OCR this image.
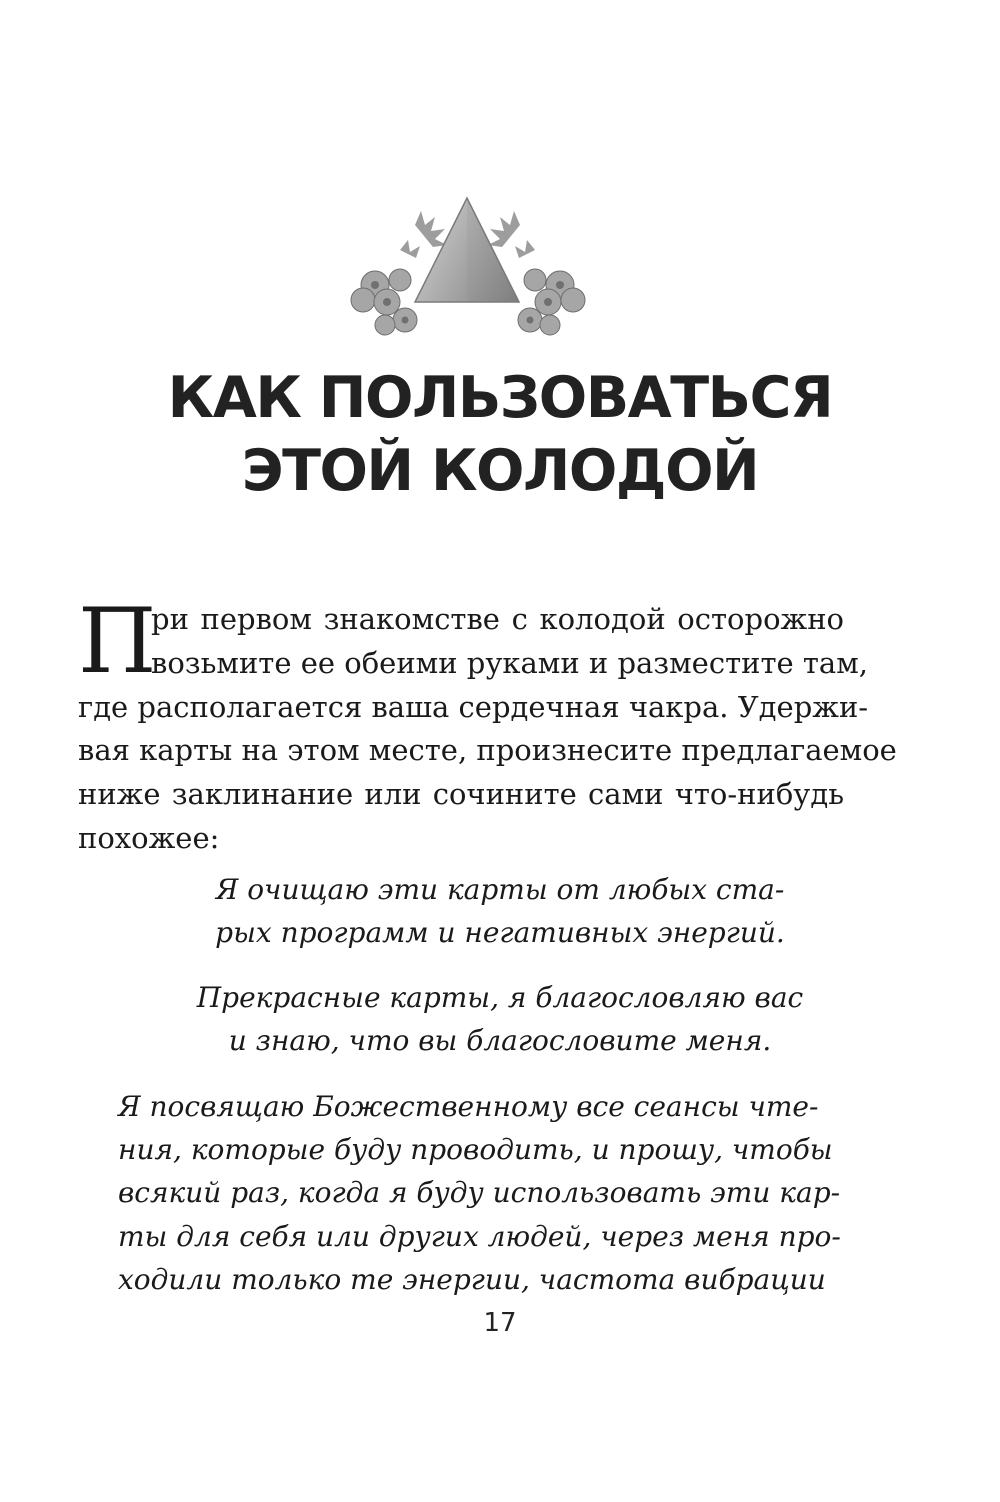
КАК ПОЛЬЗОВАТЬСЯ
ЭТОЙ КОЛОДОЙ
П
ри первом знакомстве с колодой осторожно
возьмите ее обеими руками и разместите там,
где располагается ваша сердечная чакра. Удержи-
вая карты на этом месте, произнесите предлагаемое
ниже заклинание или сочините сами что-нибудь
похожее:
Я очищаю эти карты от любых ста-
рых программ и негативных энергий.
Прекрасные карты, я благословляю вас
и знаю, что вы благословите меня.
Я посвящаю Божественному все сеансы чте-
ния, которые буду проводить, и прошу, чтобы
всякий раз, когда я буду использовать эти кар-
ты для себя или других людей, через меня про-
ходили только те энергии, частота вибрации
17
